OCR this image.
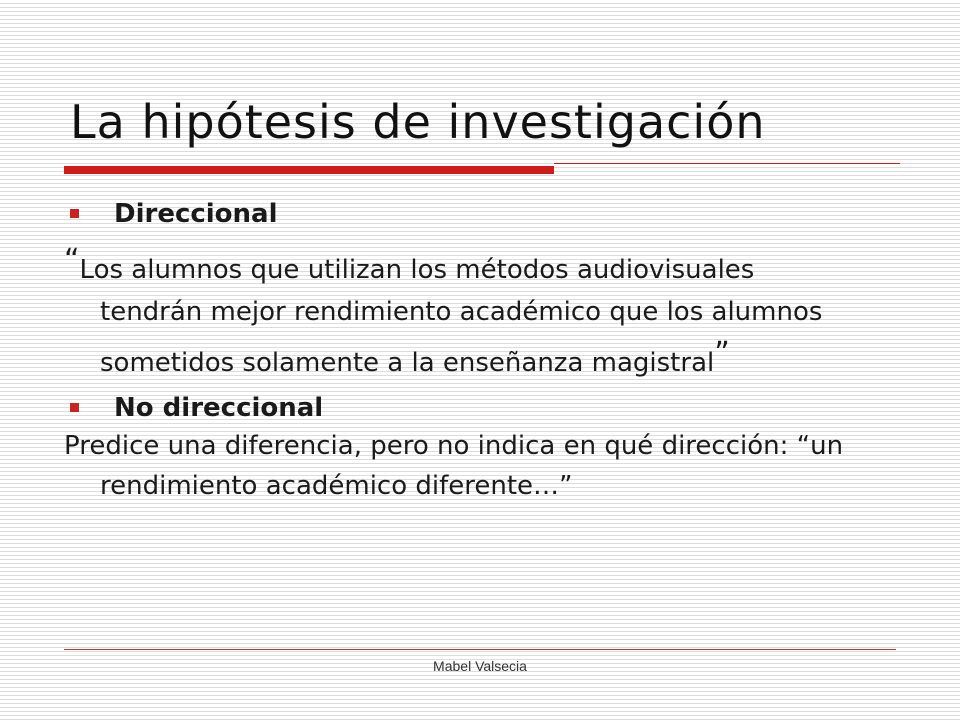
La hipótesis de investigación
Direccional
“Los alumnos que utilizan los métodos audiovisuales tendrán mejor rendimiento académico que los alumnos sometidos solamente a la enseñanza magistral”
No direccional
Predice una diferencia, pero no indica en qué dirección: “un rendimiento académico diferente…”
Mabel Valsecia
